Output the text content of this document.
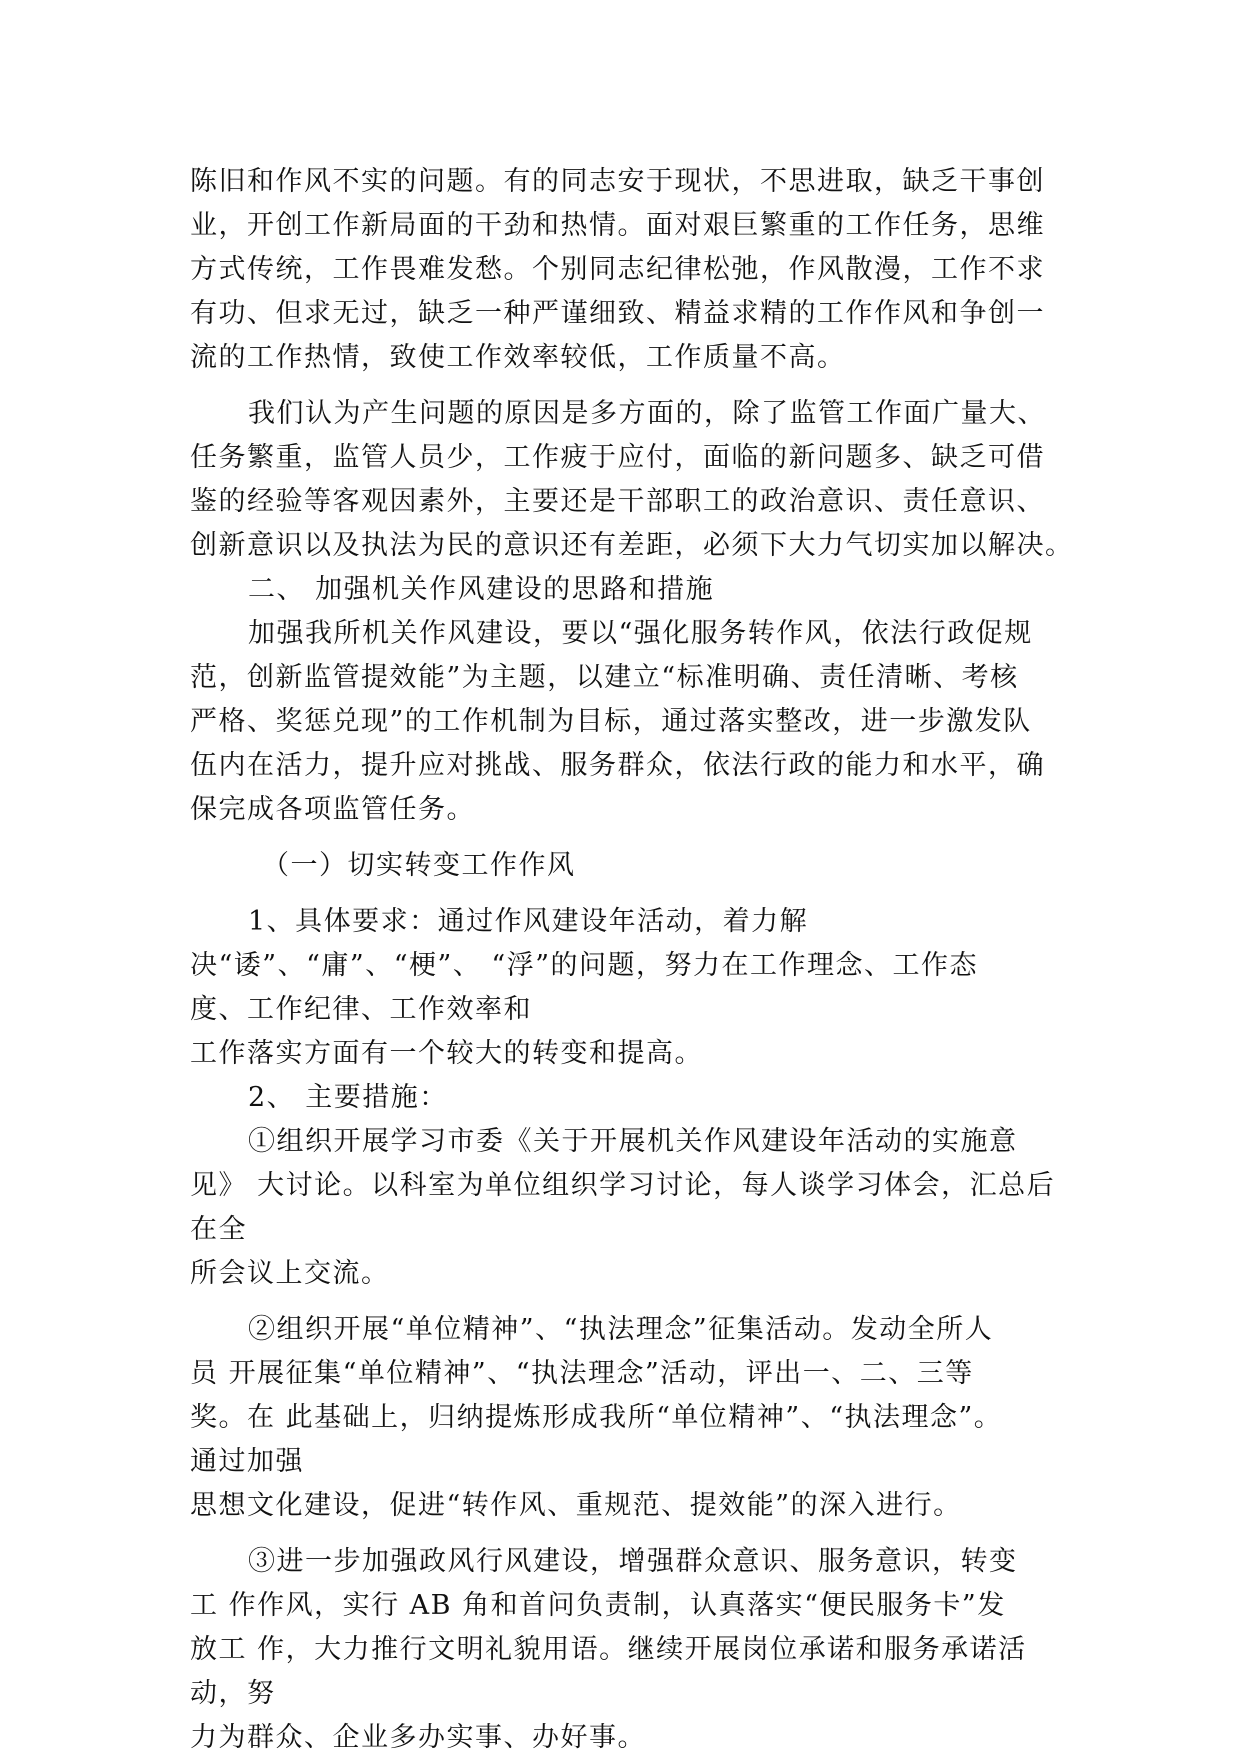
陈旧和作风不实的问题。有的同志安于现状，不思进取，缺乏干事创
业，开创工作新局面的干劲和热情。面对艰巨繁重的工作任务，思维
方式传统，工作畏难发愁。个别同志纪律松弛，作风散漫，工作不求
有功、但求无过，缺乏一种严谨细致、精益求精的工作作风和争创一
流的工作热情，致使工作效率较低，工作质量不高。
我们认为产生问题的原因是多方面的，除了监管工作面广量大、
任务繁重，监管人员少，工作疲于应付，面临的新问题多、缺乏可借
鉴的经验等客观因素外，主要还是干部职工的政治意识、责任意识、
创新意识以及执法为民的意识还有差距，必须下大力气切实加以解决。
二、 加强机关作风建设的思路和措施
加强我所机关作风建设，要以“强化服务转作风，依法行政促规
范，创新监管提效能”为主题，以建立“标准明确、责任清晰、考核
严格、奖惩兑现”的工作机制为目标，通过落实整改，进一步激发队
伍内在活力，提升应对挑战、服务群众，依法行政的能力和水平，确
保完成各项监管任务。
（一）切实转变工作作风
1、具体要求：通过作风建设年活动，着力解
决“诿”、“庸”、“梗”、 “浮”的问题，努力在工作理念、工作态
度、工作纪律、工作效率和
工作落实方面有一个较大的转变和提高。
2、 主要措施：
①组织开展学习市委《关于开展机关作风建设年活动的实施意
见》 大讨论。以科室为单位组织学习讨论，每人谈学习体会，汇总后
在全
所会议上交流。
②组织开展“单位精神”、“执法理念”征集活动。发动全所人
员 开展征集“单位精神”、“执法理念”活动，评出一、二、三等
奖。在 此基础上，归纳提炼形成我所“单位精神”、“执法理念”。
通过加强
思想文化建设，促进“转作风、重规范、提效能”的深入进行。
③进一步加强政风行风建设，增强群众意识、服务意识，转变
工 作作风，实行 AB 角和首问负责制，认真落实“便民服务卡”发
放工 作，大力推行文明礼貌用语。继续开展岗位承诺和服务承诺活
动，努
力为群众、企业多办实事、办好事。
